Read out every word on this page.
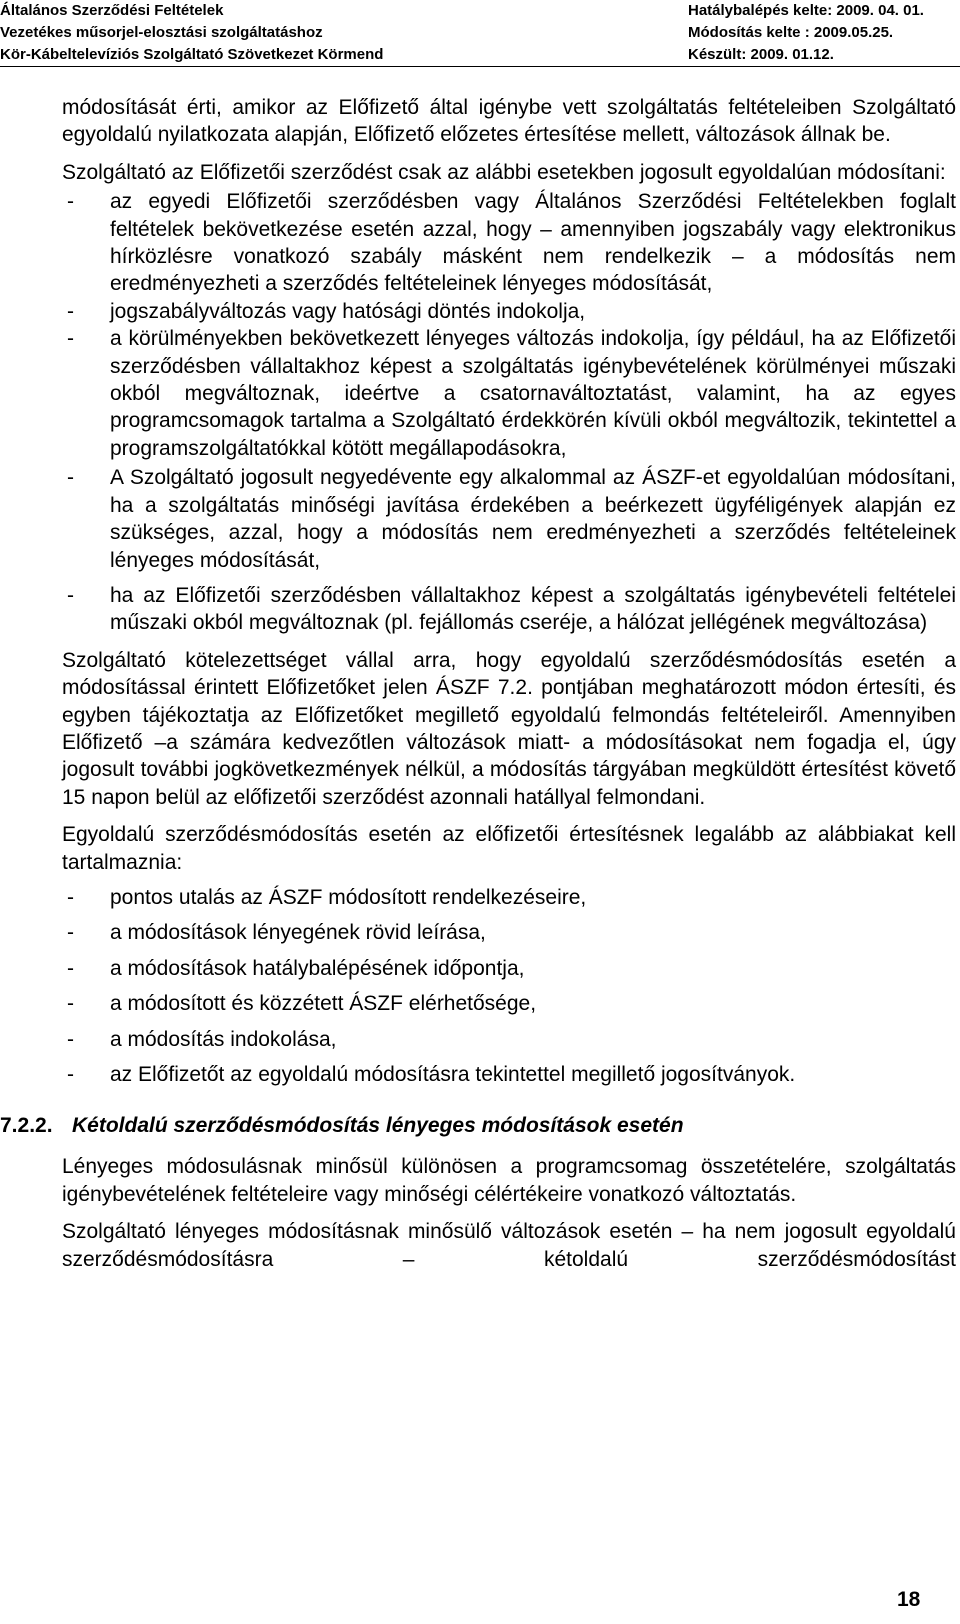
Általános Szerződési Feltételek	Hatálybalépés kelte: 2009. 04. 01.
Vezetékes műsorjel-elosztási szolgáltatáshoz	Módosítás kelte : 2009.05.25.
Kör-Kábeltelevíziós Szolgáltató Szövetkezet Körmend	Készült: 2009. 01.12.

módosítását érti, amikor az Előfizető által igénybe vett szolgáltatás feltételeiben Szolgáltató egyoldalú nyilatkozata alapján, Előfizető előzetes értesítése mellett, változások állnak be.

Szolgáltató az Előfizetői szerződést csak az alábbi esetekben jogosult egyoldalúan módosítani:

- az egyedi Előfizetői szerződésben vagy Általános Szerződési Feltételekben foglalt feltételek bekövetkezése esetén azzal, hogy – amennyiben jogszabály vagy elektronikus hírközlésre vonatkozó szabály másként nem rendelkezik – a módosítás nem eredményezheti a szerződés feltételeinek lényeges módosítását,
- jogszabályváltozás vagy hatósági döntés indokolja,
- a körülményekben bekövetkezett lényeges változás indokolja, így például, ha az Előfizetői szerződésben vállaltakhoz képest a szolgáltatás igénybevételének körülményei műszaki okból megváltoznak, ideértve a csatornaváltoztatást, valamint, ha az egyes programcsomagok tartalma a Szolgáltató érdekkörén kívüli okból megváltozik, tekintettel a programszolgáltatókkal kötött megállapodásokra,
- A Szolgáltató jogosult negyedévente egy alkalommal az ÁSZF-et egyoldalúan módosítani, ha a szolgáltatás minőségi javítása érdekében a beérkezett ügyféligények alapján ez szükséges, azzal, hogy a módosítás nem eredményezheti a szerződés feltételeinek lényeges módosítását,
- ha az Előfizetői szerződésben vállaltakhoz képest a szolgáltatás igénybevételi feltételei műszaki okból megváltoznak (pl. fejállomás cseréje, a hálózat jellégének megváltozása)

Szolgáltató kötelezettséget vállal arra, hogy egyoldalú szerződésmódosítás esetén a módosítással érintett Előfizetőket jelen ÁSZF 7.2. pontjában meghatározott módon értesíti, és egyben tájékoztatja az Előfizetőket megillető egyoldalú felmondás feltételeiről. Amennyiben Előfizető –a számára kedvezőtlen változások miatt- a módosításokat nem fogadja el, úgy jogosult további jogkövetkezmények nélkül, a módosítás tárgyában megküldött értesítést követő 15 napon belül az előfizetői szerződést azonnali hatállyal felmondani.

Egyoldalú szerződésmódosítás esetén az előfizetői értesítésnek legalább az alábbiakat kell tartalmaznia:

- pontos utalás az ÁSZF módosított rendelkezéseire,
- a módosítások lényegének rövid leírása,
- a módosítások hatálybalépésének időpontja,
- a módosított és közzétett ÁSZF elérhetősége,
- a módosítás indokolása,
- az Előfizetőt az egyoldalú módosításra tekintettel megillető jogosítványok.
7.2.2. Kétoldalú szerződésmódosítás lényeges módosítások esetén

Lényeges módosulásnak minősül különösen a programcsomag összetételére, szolgáltatás igénybevételének feltételeire vagy minőségi célértékeire vonatkozó változtatás.

Szolgáltató lényeges módosításnak minősülő változások esetén – ha nem jogosult egyoldalú szerződésmódosításra – kétoldalú szerződésmódosítást

18
